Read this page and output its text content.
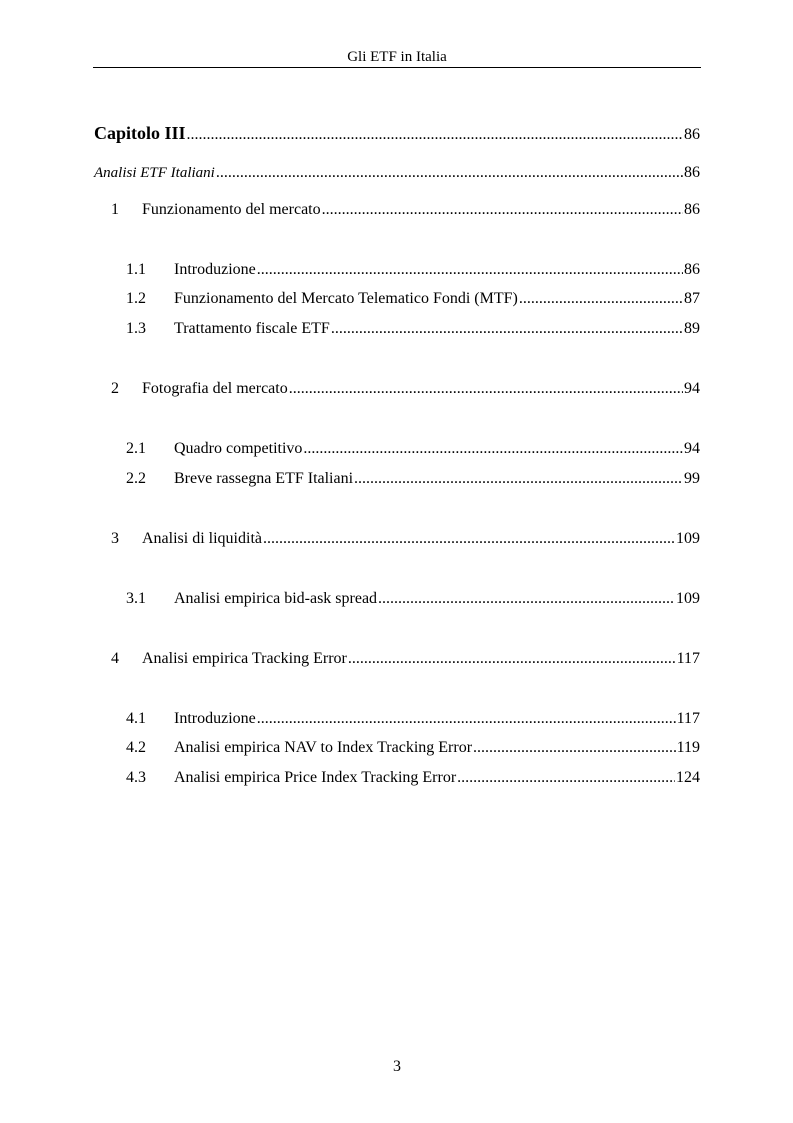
Gli ETF in Italia
Capitolo III .....	86
Analisi ETF Italiani .....	86
1	Funzionamento del mercato .....	86
1.1	Introduzione .....	86
1.2	Funzionamento del Mercato Telematico Fondi (MTF) .....	87
1.3	Trattamento fiscale ETF .....	89
2	Fotografia del mercato .....	94
2.1	Quadro competitivo .....	94
2.2	Breve rassegna ETF Italiani .....	99
3	Analisi di liquidità .....	109
3.1	Analisi empirica bid-ask spread .....	109
4	Analisi empirica Tracking Error .....	117
4.1	Introduzione .....	117
4.2	Analisi empirica NAV to Index Tracking Error .....	119
4.3	Analisi empirica Price Index Tracking Error .....	124
3
